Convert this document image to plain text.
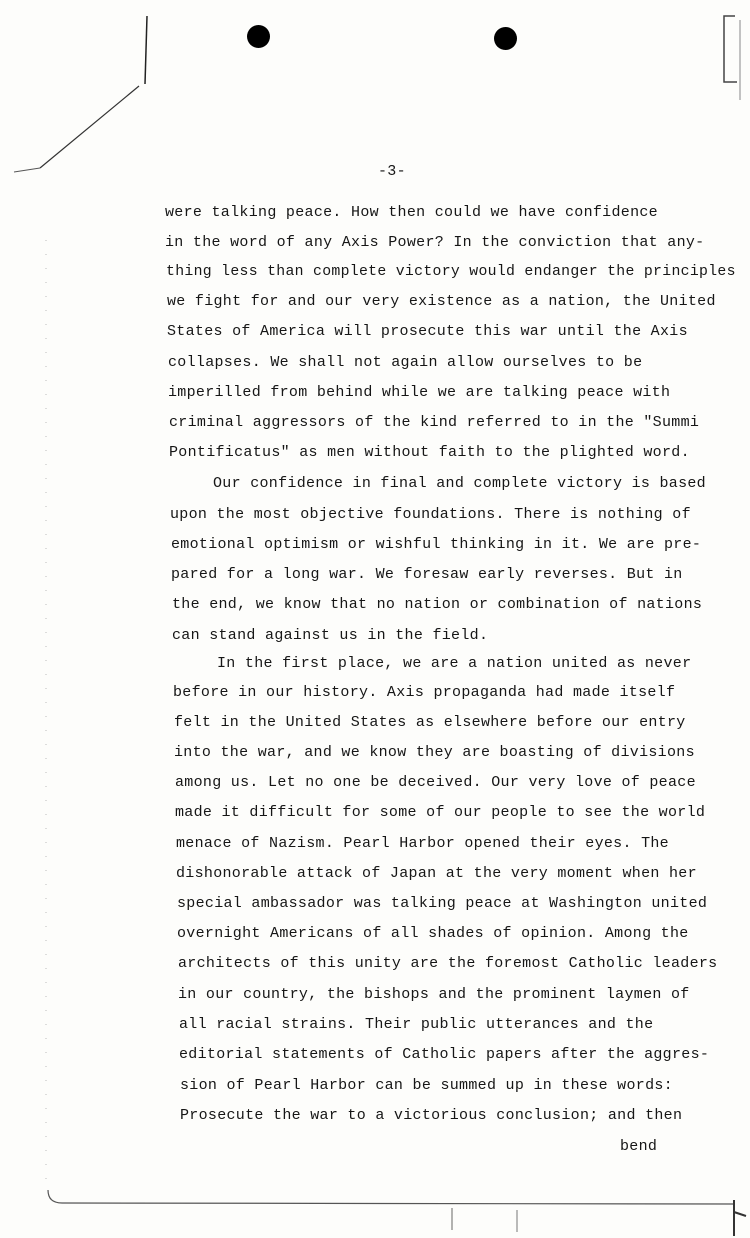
-3-
were talking peace. How then could we have confidence
in the word of any Axis Power? In the conviction that any-
thing less than complete victory would endanger the principles
we fight for and our very existence as a nation, the United
States of America will prosecute this war until the Axis
collapses. We shall not again allow ourselves to be
imperilled from behind while we are talking peace with
criminal aggressors of the kind referred to in the "Summi
Pontificatus" as men without faith to the plighted word.
Our confidence in final and complete victory is based
upon the most objective foundations. There is nothing of
emotional optimism or wishful thinking in it. We are pre-
pared for a long war. We foresaw early reverses. But in
the end, we know that no nation or combination of nations
can stand against us in the field.
In the first place, we are a nation united as never
before in our history. Axis propaganda had made itself
felt in the United States as elsewhere before our entry
into the war, and we know they are boasting of divisions
among us. Let no one be deceived. Our very love of peace
made it difficult for some of our people to see the world
menace of Nazism. Pearl Harbor opened their eyes. The
dishonorable attack of Japan at the very moment when her
special ambassador was talking peace at Washington united
overnight Americans of all shades of opinion. Among the
architects of this unity are the foremost Catholic leaders
in our country, the bishops and the prominent laymen of
all racial strains. Their public utterances and the
editorial statements of Catholic papers after the aggres-
sion of Pearl Harbor can be summed up in these words:
Prosecute the war to a victorious conclusion; and then
bend
